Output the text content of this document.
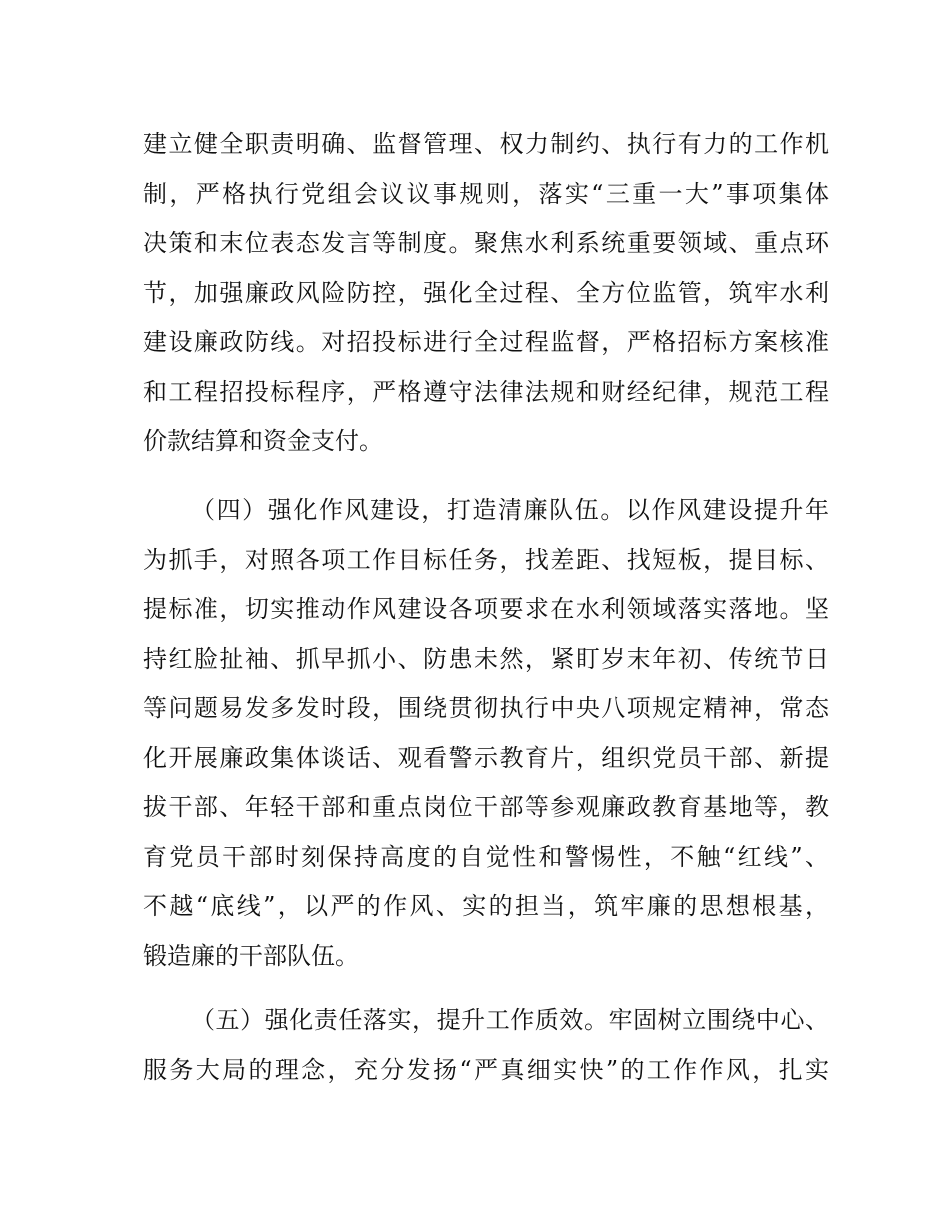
建立健全职责明确、监督管理、权力制约、执行有力的工作机
制，严格执行党组会议议事规则，落实“三重一大”事项集体
决策和末位表态发言等制度。聚焦水利系统重要领域、重点环
节，加强廉政风险防控，强化全过程、全方位监管，筑牢水利
建设廉政防线。对招投标进行全过程监督，严格招标方案核准
和工程招投标程序，严格遵守法律法规和财经纪律，规范工程
价款结算和资金支付。
（四）强化作风建设，打造清廉队伍。以作风建设提升年
为抓手，对照各项工作目标任务，找差距、找短板，提目标、
提标准，切实推动作风建设各项要求在水利领域落实落地。坚
持红脸扯袖、抓早抓小、防患未然，紧盯岁末年初、传统节日
等问题易发多发时段，围绕贯彻执行中央八项规定精神，常态
化开展廉政集体谈话、观看警示教育片，组织党员干部、新提
拔干部、年轻干部和重点岗位干部等参观廉政教育基地等，教
育党员干部时刻保持高度的自觉性和警惕性，不触“红线”、
不越“底线”，以严的作风、实的担当，筑牢廉的思想根基，
锻造廉的干部队伍。
（五）强化责任落实，提升工作质效。牢固树立围绕中心、
服务大局的理念，充分发扬“严真细实快”的工作作风，扎实
